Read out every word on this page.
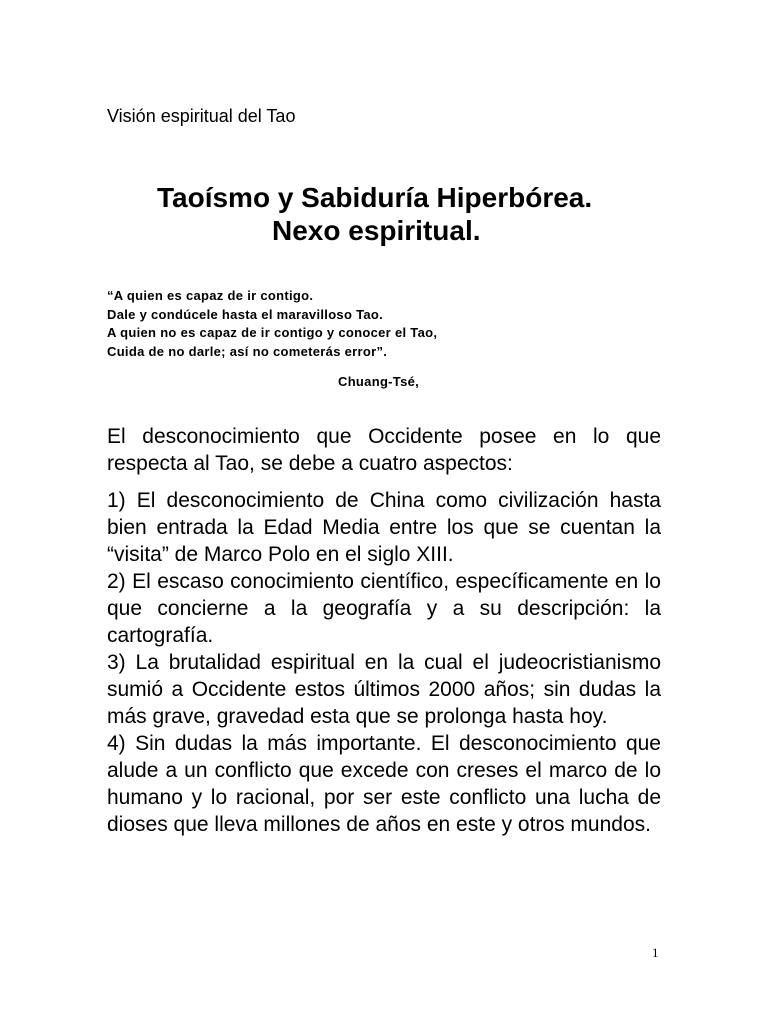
Visión espiritual del Tao
Taoísmo y Sabiduría Hiperbórea.
Nexo espiritual.
“A quien es capaz de ir contigo.
Dale y condúcele hasta el maravilloso Tao.
A quien no es capaz de ir contigo y conocer el Tao,
Cuida de no darle; así no cometerás error”.
Chuang-Tsé,

El desconocimiento que Occidente posee en lo que respecta al Tao, se debe a cuatro aspectos:

1) El desconocimiento de China como civilización hasta bien entrada la Edad Media entre los que se cuentan la “visita” de Marco Polo en el siglo XIII.

2) El escaso conocimiento científico, específicamente en lo que concierne a la geografía y a su descripción: la cartografía.

3) La brutalidad espiritual en la cual el judeocristianismo sumió a Occidente estos últimos 2000 años; sin dudas la más grave, gravedad esta que se prolonga hasta hoy.

4) Sin dudas la más importante. El desconocimiento que alude a un conflicto que excede con creses el marco de lo humano y lo racional, por ser este conflicto una lucha de dioses que lleva millones de años en este y otros mundos.

1
